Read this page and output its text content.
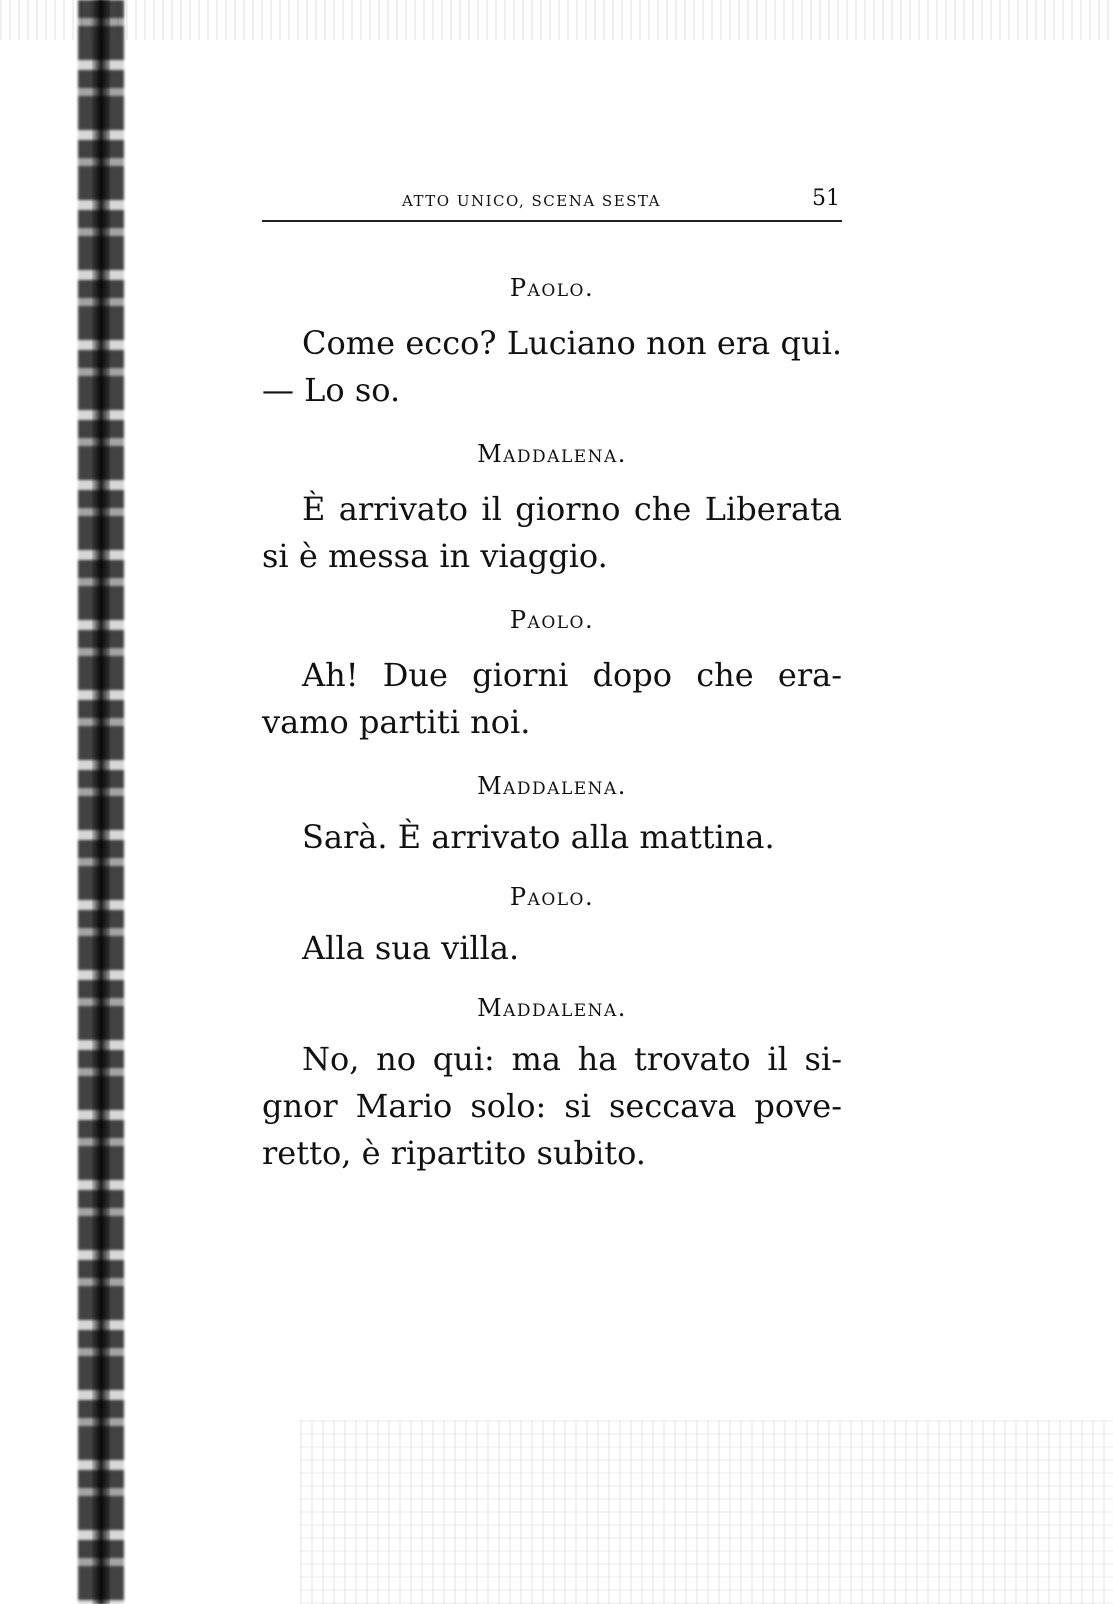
ATTO UNICO, SCENA SESTA	51

Paolo.

Come ecco? Luciano non era qui.

— Lo so.

Maddalena.

È arrivato il giorno che Liberata

si è messa in viaggio.

Paolo.

Ah! Due giorni dopo che era-

vamo partiti noi.

Maddalena.

Sarà. È arrivato alla mattina.

Paolo.

Alla sua villa.

Maddalena.

No, no qui: ma ha trovato il si-

gnor Mario solo: si seccava pove-

retto, è ripartito subito.
